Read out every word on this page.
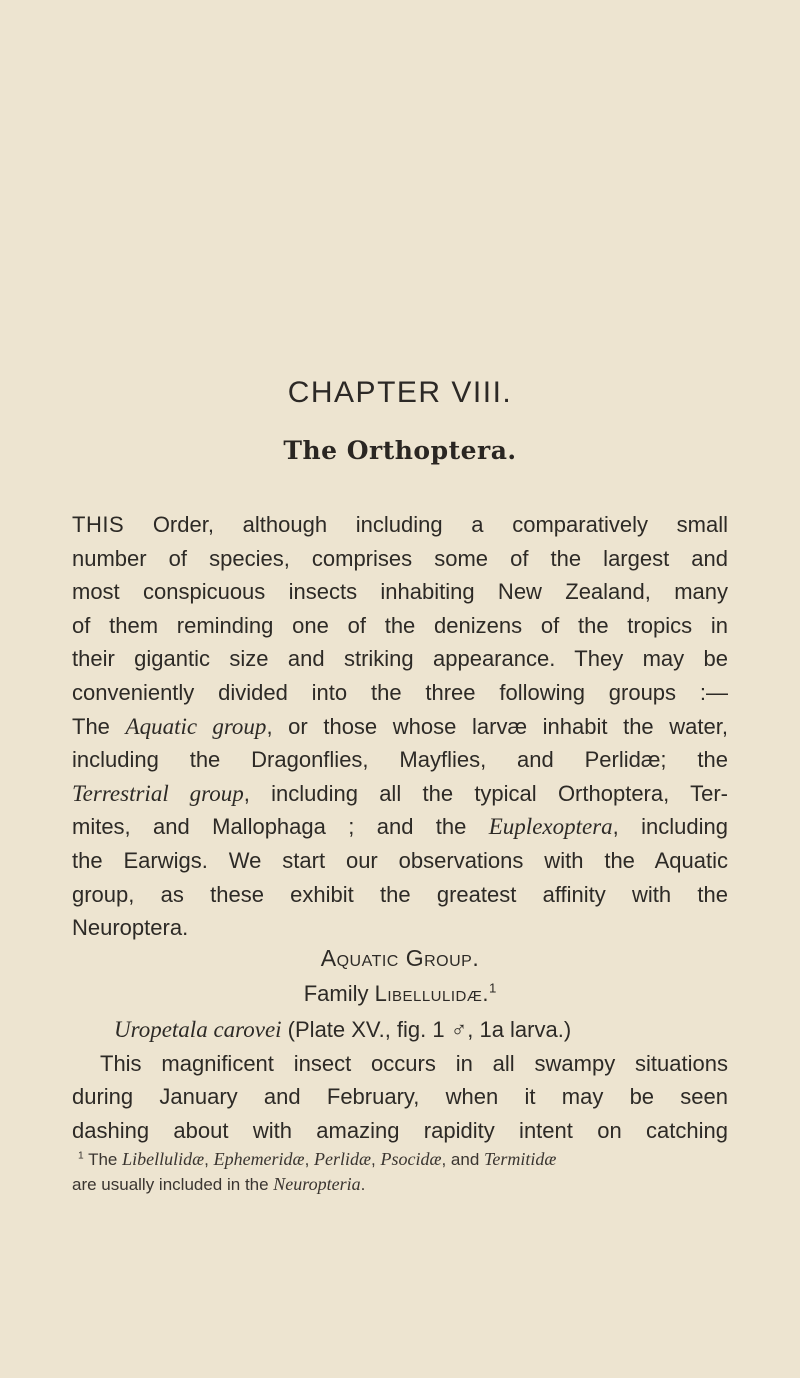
CHAPTER VIII.
The Orthoptera.
THIS Order, although including a comparatively small
number of species, comprises some of the largest and
most conspicuous insects inhabiting New Zealand, many
of them reminding one of the denizens of the tropics in
their gigantic size and striking appearance. They may be
conveniently divided into the three following groups :—
The Aquatic group, or those whose larvæ inhabit the water,
including the Dragonflies, Mayflies, and Perlidæ; the
Terrestrial group, including all the typical Orthoptera, Ter-
mites, and Mallophaga ; and the Euplexoptera, including
the Earwigs. We start our observations with the Aquatic
group, as these exhibit the greatest affinity with the
Neuroptera.
Aquatic Group.
Family Libellulidæ.$^1$
Uropetala carovei (Plate XV., fig. 1 ♂, 1a larva.)
This magnificent insect occurs in all swampy situations
during January and February, when it may be seen
dashing about with amazing rapidity intent on catching
$^1$ The Libellulidæ, Ephemeridæ, Perlidæ, Psocidæ, and Termitidæ
are usually included in the Neuropteria.
